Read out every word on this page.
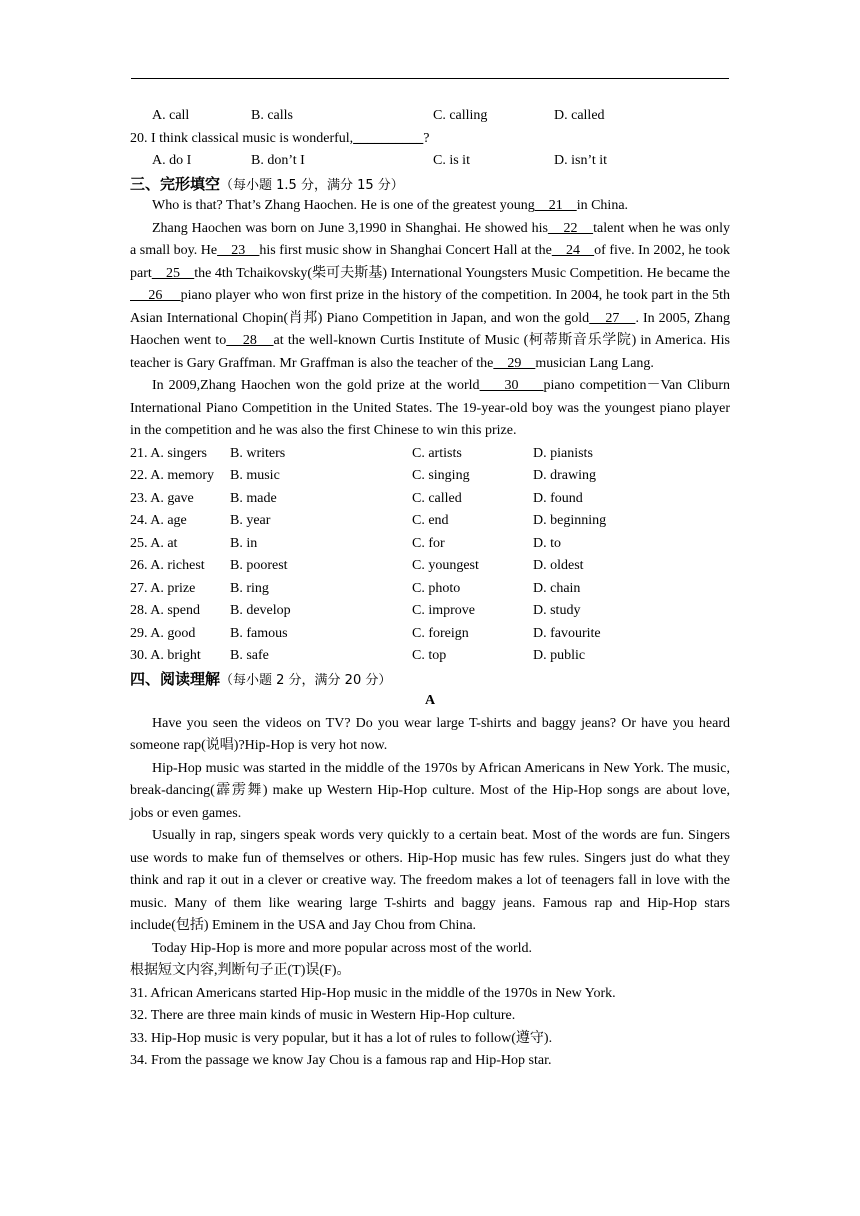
A. call	B. calls	C. calling	D. called
20. I think classical music is wonderful,__________?
A. do I	B. don’t I	C. is it	D. isn’t it
三、完形填空（每小题 1.5 分，满分 15 分）

Who is that? That’s Zhang Haochen. He is one of the greatest young    21    in China.

Zhang Haochen was born on June 3,1990 in Shanghai. He showed his    22    talent when he was only a small boy. He    23    his first music show in Shanghai Concert Hall at the    24    of five. In 2002, he took part    25    the 4th Tchaikovsky(柴可夫斯基) International Youngsters Music Competition. He became the     26     piano player who won first prize in the history of the competition. In 2004, he took part in the 5th Asian International Chopin(肖邦) Piano Competition in Japan, and won the gold    27    . In 2005, Zhang Haochen went to    28    at the well-known Curtis Institute of Music (柯蒂斯音乐学院) in America. His teacher is Gary Graffman. Mr Graffman is also the teacher of the    29    musician Lang Lang.

In 2009,Zhang Haochen won the gold prize at the world     30     piano competition－Van Cliburn International Piano Competition in the United States. The 19-year-old boy was the youngest piano player in the competition and he was also the first Chinese to win this prize.

21. A. singers	B. writers	C. artists	D. pianists
22. A. memory	B. music	C. singing	D. drawing
23. A. gave	B. made	C. called	D. found
24. A. age	B. year	C. end	D. beginning
25. A. at	B. in	C. for	D. to
26. A. richest	B. poorest	C. youngest	D. oldest
27. A. prize	B. ring	C. photo	D. chain
28. A. spend	B. develop	C. improve	D. study
29. A. good	B. famous	C. foreign	D. favourite
30. A. bright	B. safe	C. top	D. public
四、阅读理解（每小题 2 分，满分 20 分）
A

Have you seen the videos on TV? Do you wear large T-shirts and baggy jeans? Or have you heard someone rap(说唱)?Hip-Hop is very hot now.

Hip-Hop music was started in the middle of the 1970s by African Americans in New York. The music, break-dancing(霹雳舞) make up Western Hip-Hop culture. Most of the Hip-Hop songs are about love, jobs or even games.

Usually in rap, singers speak words very quickly to a certain beat. Most of the words are fun. Singers use words to make fun of themselves or others. Hip-Hop music has few rules. Singers just do what they think and rap it out in a clever or creative way. The freedom makes a lot of teenagers fall in love with the music. Many of them like wearing large T-shirts and baggy jeans. Famous rap and Hip-Hop stars include(包括) Eminem in the USA and Jay Chou from China.

Today Hip-Hop is more and more popular across most of the world.

根据短文内容,判断句子正(T)误(F)。
31. African Americans started Hip-Hop music in the middle of the 1970s in New York.
32. There are three main kinds of music in Western Hip-Hop culture.
33. Hip-Hop music is very popular, but it has a lot of rules to follow(遵守).
34. From the passage we know Jay Chou is a famous rap and Hip-Hop star.
